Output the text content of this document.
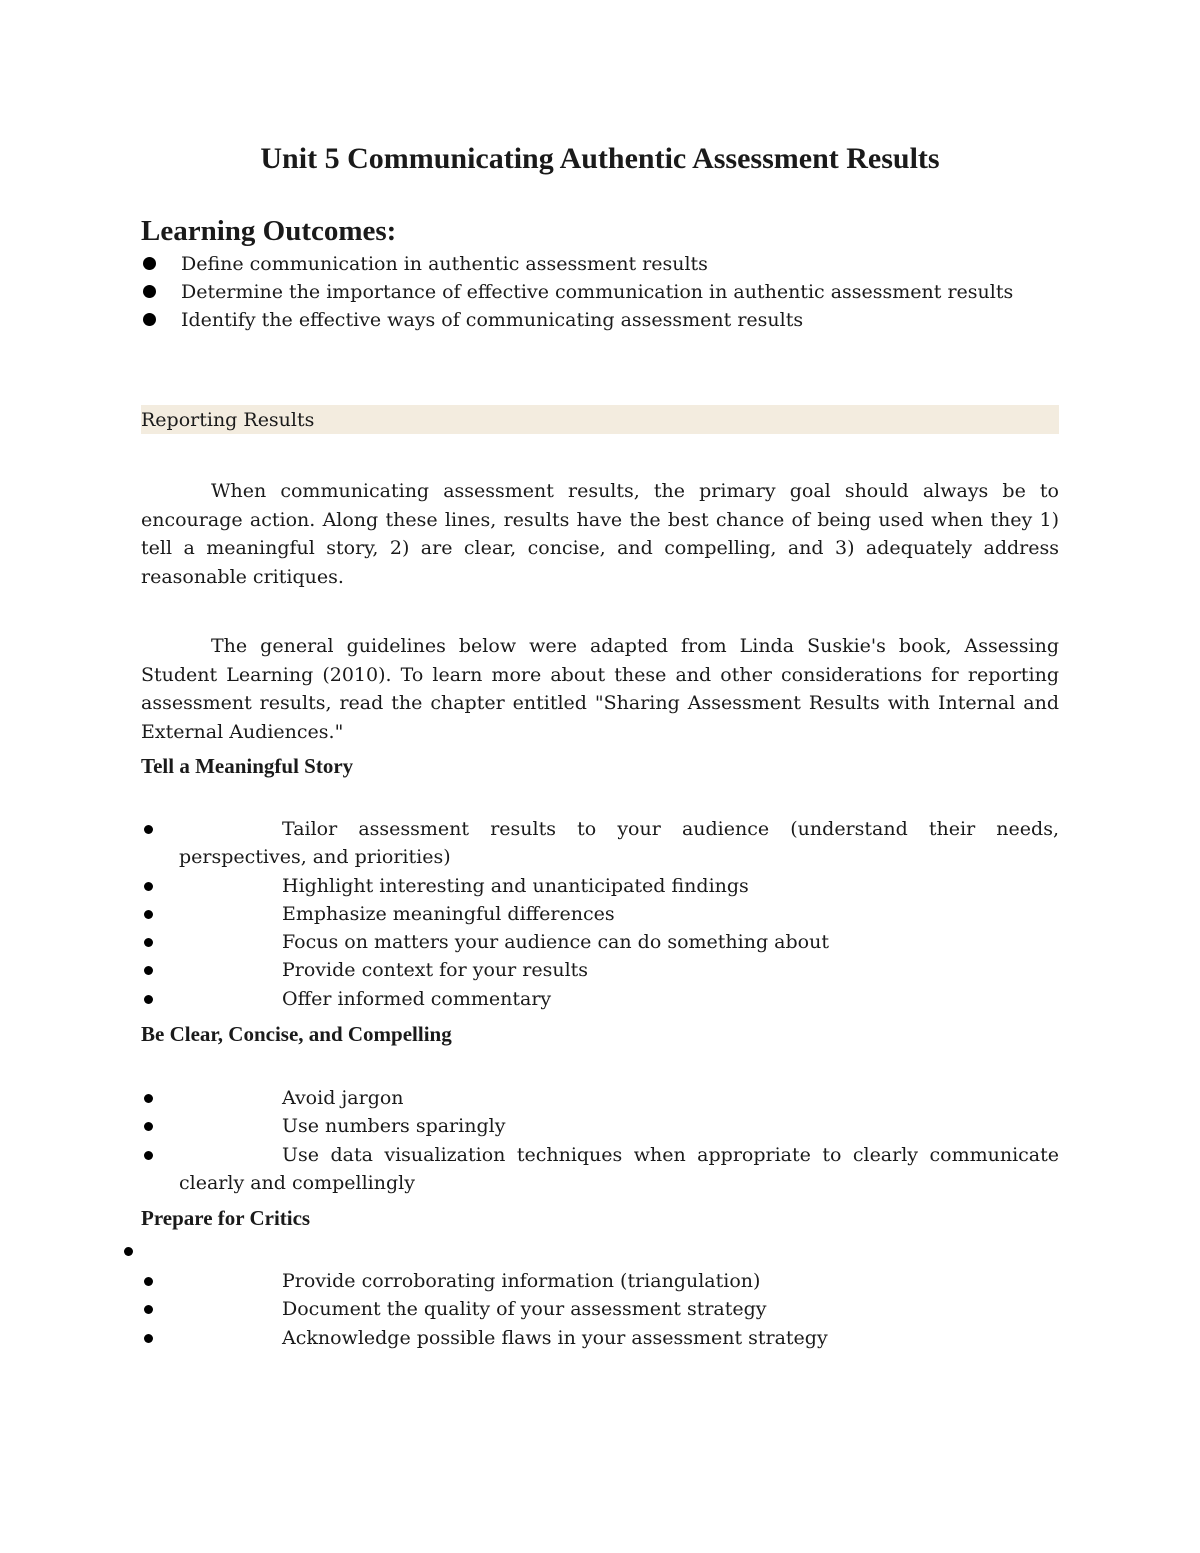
Unit 5 Communicating Authentic Assessment Results
Learning Outcomes:
Define communication in authentic assessment results
Determine the importance of effective communication in authentic assessment results
Identify the effective ways of communicating assessment results
Reporting Results

When communicating assessment results, the primary goal should always be to encourage action. Along these lines, results have the best chance of being used when they 1) tell a meaningful story, 2) are clear, concise, and compelling, and 3) adequately address reasonable critiques.

The general guidelines below were adapted from Linda Suskie's book, Assessing Student Learning (2010). To learn more about these and other considerations for reporting assessment results, read the chapter entitled "Sharing Assessment Results with Internal and External Audiences."

Tell a Meaningful Story
Tailor assessment results to your audience (understand their needs, perspectives, and priorities)
Highlight interesting and unanticipated findings
Emphasize meaningful differences
Focus on matters your audience can do something about
Provide context for your results
Offer informed commentary
Be Clear, Concise, and Compelling
Avoid jargon
Use numbers sparingly
Use data visualization techniques when appropriate to clearly communicate clearly and compellingly
Prepare for Critics
Provide corroborating information (triangulation)
Document the quality of your assessment strategy
Acknowledge possible flaws in your assessment strategy
